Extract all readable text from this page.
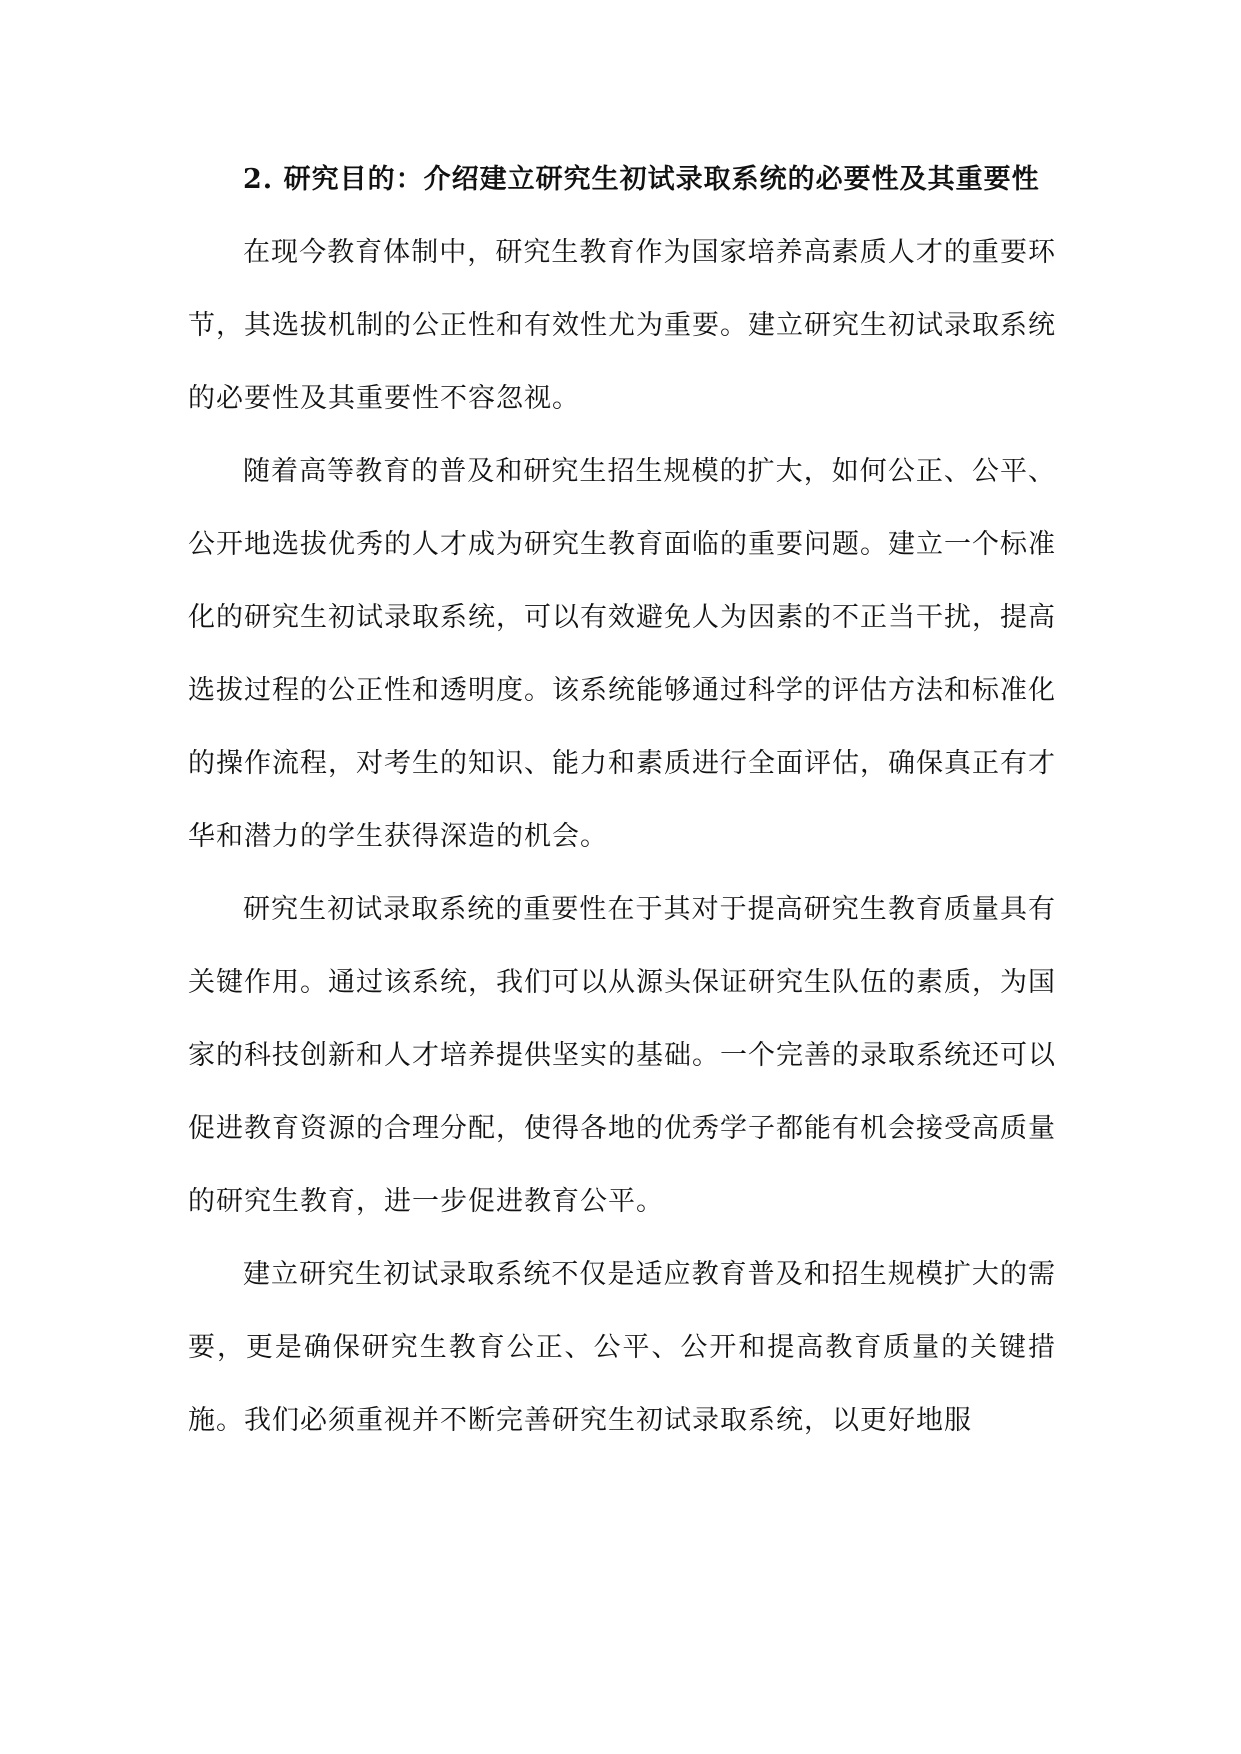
2. 研究目的：介绍建立研究生初试录取系统的必要性及其重要性

在现今教育体制中，研究生教育作为国家培养高素质人才的重要环节，其选拔机制的公正性和有效性尤为重要。建立研究生初试录取系统的必要性及其重要性不容忽视。

随着高等教育的普及和研究生招生规模的扩大，如何公正、公平、公开地选拔优秀的人才成为研究生教育面临的重要问题。建立一个标准化的研究生初试录取系统，可以有效避免人为因素的不正当干扰，提高选拔过程的公正性和透明度。该系统能够通过科学的评估方法和标准化的操作流程，对考生的知识、能力和素质进行全面评估，确保真正有才华和潜力的学生获得深造的机会。

研究生初试录取系统的重要性在于其对于提高研究生教育质量具有关键作用。通过该系统，我们可以从源头保证研究生队伍的素质，为国家的科技创新和人才培养提供坚实的基础。一个完善的录取系统还可以促进教育资源的合理分配，使得各地的优秀学子都能有机会接受高质量的研究生教育，进一步促进教育公平。

建立研究生初试录取系统不仅是适应教育普及和招生规模扩大的需要，更是确保研究生教育公正、公平、公开和提高教育质量的关键措施。我们必须重视并不断完善研究生初试录取系统，以更好地服
